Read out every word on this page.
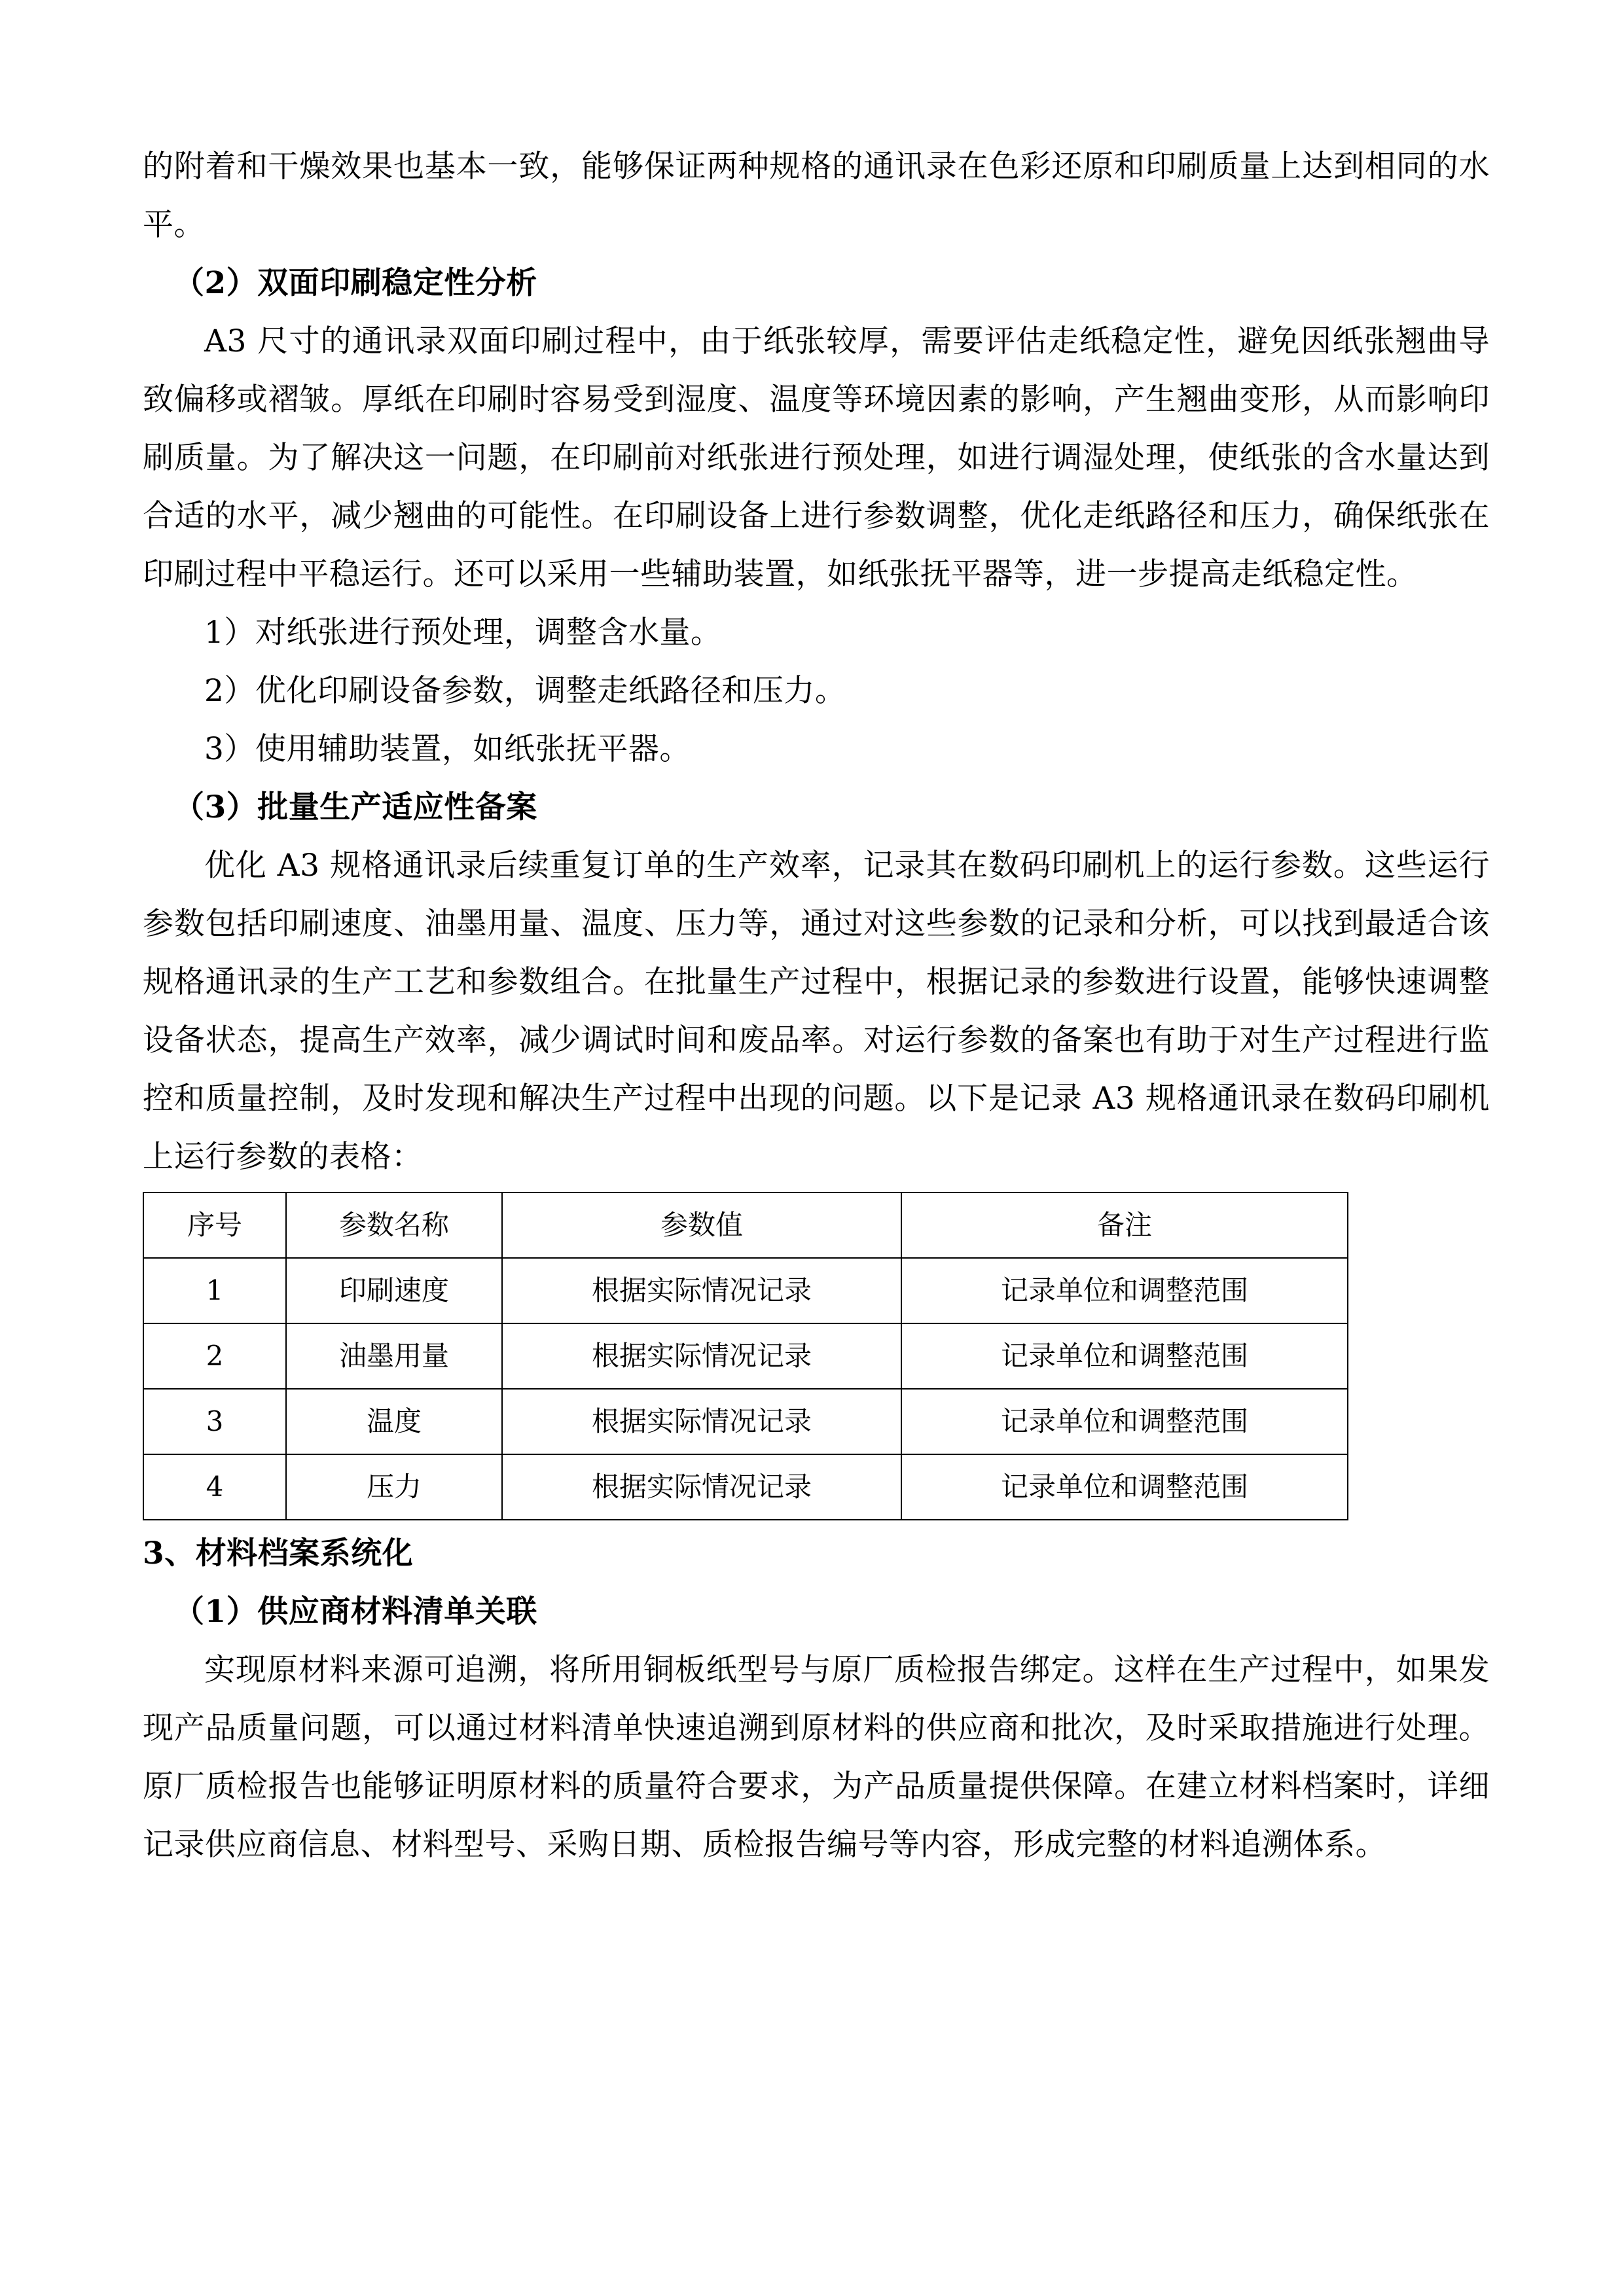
的附着和干燥效果也基本一致，能够保证两种规格的通讯录在色彩还原和印刷质量上达到相同的水平。

（2）双面印刷稳定性分析

A3 尺寸的通讯录双面印刷过程中，由于纸张较厚，需要评估走纸稳定性，避免因纸张翘曲导致偏移或褶皱。厚纸在印刷时容易受到湿度、温度等环境因素的影响，产生翘曲变形，从而影响印刷质量。为了解决这一问题，在印刷前对纸张进行预处理，如进行调湿处理，使纸张的含水量达到合适的水平，减少翘曲的可能性。在印刷设备上进行参数调整，优化走纸路径和压力，确保纸张在印刷过程中平稳运行。还可以采用一些辅助装置，如纸张抚平器等，进一步提高走纸稳定性。

1）对纸张进行预处理，调整含水量。

2）优化印刷设备参数，调整走纸路径和压力。

3）使用辅助装置，如纸张抚平器。

（3）批量生产适应性备案

优化 A3 规格通讯录后续重复订单的生产效率，记录其在数码印刷机上的运行参数。这些运行参数包括印刷速度、油墨用量、温度、压力等，通过对这些参数的记录和分析，可以找到最适合该规格通讯录的生产工艺和参数组合。在批量生产过程中，根据记录的参数进行设置，能够快速调整设备状态，提高生产效率，减少调试时间和废品率。对运行参数的备案也有助于对生产过程进行监控和质量控制，及时发现和解决生产过程中出现的问题。以下是记录 A3 规格通讯录在数码印刷机上运行参数的表格：

序号	参数名称	参数值	备注
1	印刷速度	根据实际情况记录	记录单位和调整范围
2	油墨用量	根据实际情况记录	记录单位和调整范围
3	温度	根据实际情况记录	记录单位和调整范围
4	压力	根据实际情况记录	记录单位和调整范围

3、材料档案系统化

（1）供应商材料清单关联

实现原材料来源可追溯，将所用铜板纸型号与原厂质检报告绑定。这样在生产过程中，如果发现产品质量问题，可以通过材料清单快速追溯到原材料的供应商和批次，及时采取措施进行处理。原厂质检报告也能够证明原材料的质量符合要求，为产品质量提供保障。在建立材料档案时，详细记录供应商信息、材料型号、采购日期、质检报告编号等内容，形成完整的材料追溯体系。
